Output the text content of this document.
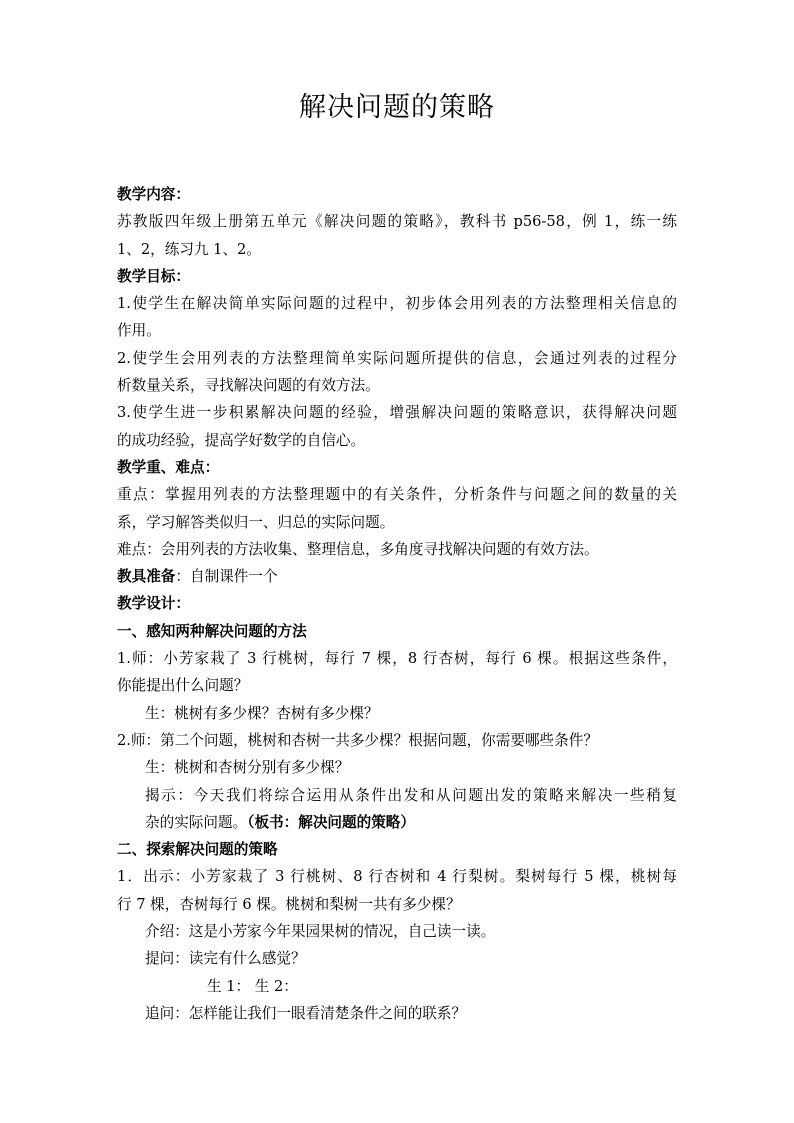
解决问题的策略
教学内容：
苏教版四年级上册第五单元《解决问题的策略》，教科书 p56-58，例 1，练一练
1、2，练习九 1、2。
教学目标：
1.使学生在解决简单实际问题的过程中，初步体会用列表的方法整理相关信息的
作用。
2.使学生会用列表的方法整理简单实际问题所提供的信息，会通过列表的过程分
析数量关系，寻找解决问题的有效方法。
3.使学生进一步积累解决问题的经验，增强解决问题的策略意识，获得解决问题
的成功经验，提高学好数学的自信心。
教学重、难点：
重点：掌握用列表的方法整理题中的有关条件，分析条件与问题之间的数量的关
系，学习解答类似归一、归总的实际问题。
难点：会用列表的方法收集、整理信息，多角度寻找解决问题的有效方法。
教具准备：自制课件一个
教学设计：
一、感知两种解决问题的方法
1.师：小芳家栽了 3 行桃树，每行 7 棵，8 行杏树，每行 6 棵。根据这些条件，
你能提出什么问题？
生：桃树有多少棵？杏树有多少棵？
2.师：第二个问题，桃树和杏树一共多少棵？根据问题，你需要哪些条件？
生：桃树和杏树分别有多少棵？
揭示：今天我们将综合运用从条件出发和从问题出发的策略来解决一些稍复
杂的实际问题。（板书：解决问题的策略）
二、探索解决问题的策略
1．出示：小芳家栽了 3 行桃树、8 行杏树和 4 行梨树。梨树每行 5 棵，桃树每
行 7 棵，杏树每行 6 棵。桃树和梨树一共有多少棵？
介绍：这是小芳家今年果园果树的情况，自己读一读。
提问：读完有什么感觉？
生 1： 生 2：
追问：怎样能让我们一眼看清楚条件之间的联系？
